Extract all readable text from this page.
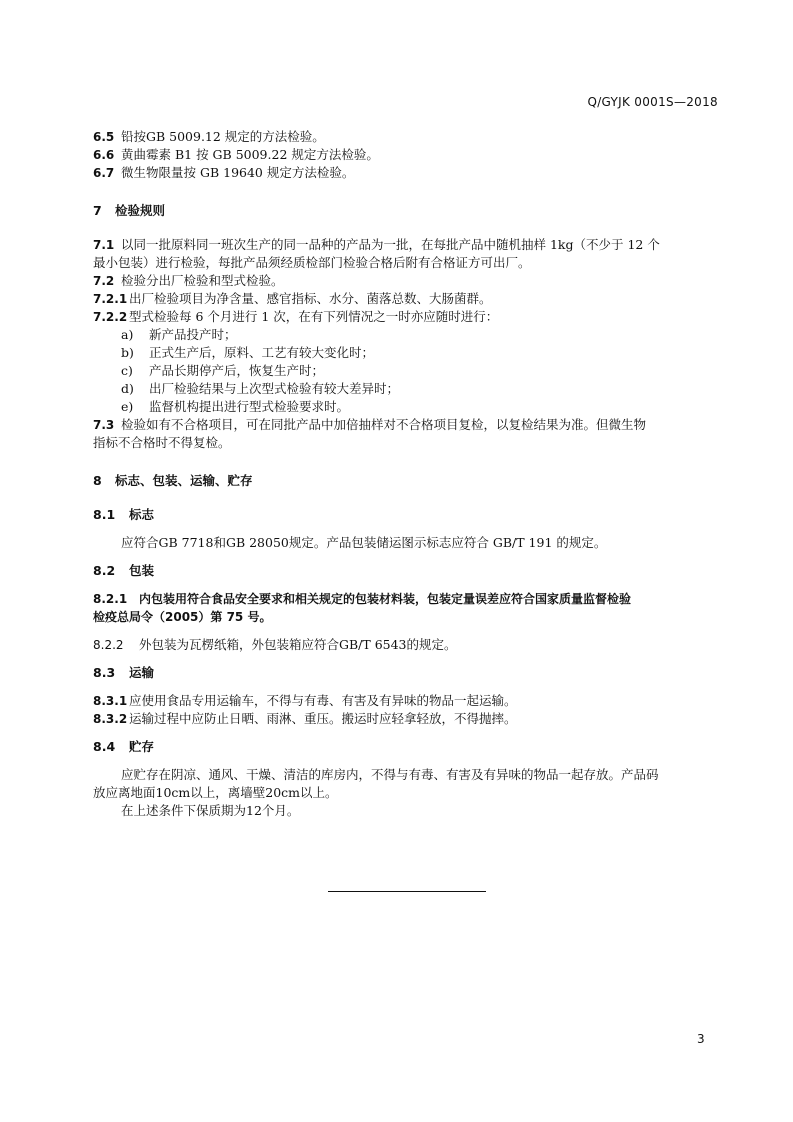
Q/GYJK 0001S—2018
6.5 铅按GB 5009.12 规定的方法检验。
6.6 黄曲霉素 B1 按 GB 5009.22 规定方法检验。
6.7 微生物限量按 GB 19640 规定方法检验。
7 检验规则
7.1 以同一批原料同一班次生产的同一品种的产品为一批，在每批产品中随机抽样 1kg（不少于 12 个
最小包装）进行检验，每批产品须经质检部门检验合格后附有合格证方可出厂。
7.2 检验分出厂检验和型式检验。
7.2.1 出厂检验项目为净含量、感官指标、水分、菌落总数、大肠菌群。
7.2.2 型式检验每 6 个月进行 1 次，在有下列情况之一时亦应随时进行：
a) 新产品投产时；
b) 正式生产后，原料、工艺有较大变化时；
c) 产品长期停产后，恢复生产时；
d) 出厂检验结果与上次型式检验有较大差异时；
e) 监督机构提出进行型式检验要求时。
7.3 检验如有不合格项目，可在同批产品中加倍抽样对不合格项目复检，以复检结果为准。但微生物
指标不合格时不得复检。
8 标志、包装、运输、贮存
8.1 标志
应符合GB 7718和GB 28050规定。产品包装储运图示标志应符合 GB/T 191 的规定。
8.2 包装
8.2.1 内包装用符合食品安全要求和相关规定的包装材料装，包装定量误差应符合国家质量监督检验
检疫总局令（2005）第 75 号。
8.2.2 外包装为瓦楞纸箱，外包装箱应符合GB/T 6543的规定。
8.3 运输
8.3.1 应使用食品专用运输车，不得与有毒、有害及有异味的物品一起运输。
8.3.2 运输过程中应防止日晒、雨淋、重压。搬运时应轻拿轻放，不得抛摔。
8.4 贮存
应贮存在阴凉、通风、干燥、清洁的库房内，不得与有毒、有害及有异味的物品一起存放。产品码
放应离地面10cm以上，离墙壁20cm以上。
在上述条件下保质期为12个月。
3
